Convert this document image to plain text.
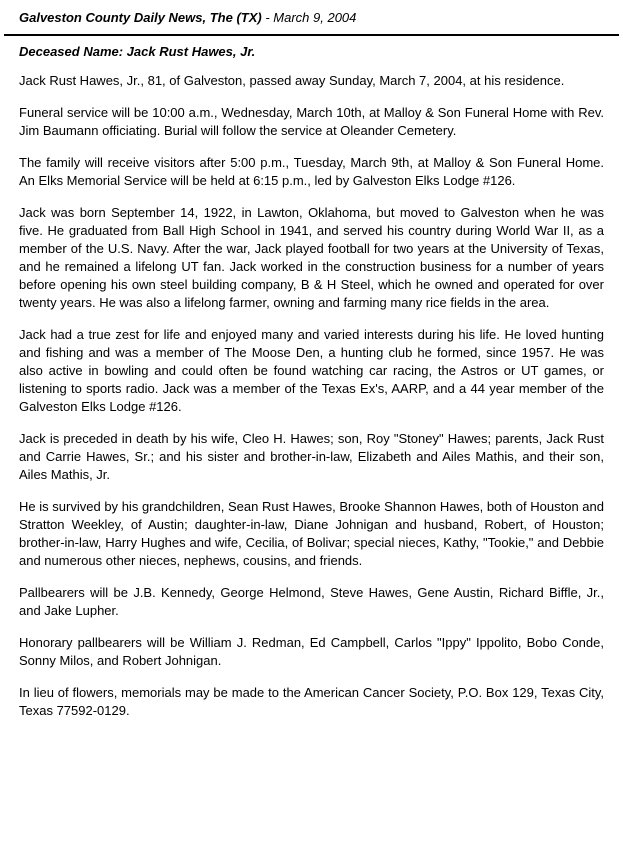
Galveston County Daily News, The (TX) - March 9, 2004
Deceased Name: Jack Rust Hawes, Jr.

Jack Rust Hawes, Jr., 81, of Galveston, passed away Sunday, March 7, 2004, at his residence.

Funeral service will be 10:00 a.m., Wednesday, March 10th, at Malloy & Son Funeral Home with Rev. Jim Baumann officiating. Burial will follow the service at Oleander Cemetery.

The family will receive visitors after 5:00 p.m., Tuesday, March 9th, at Malloy & Son Funeral Home. An Elks Memorial Service will be held at 6:15 p.m., led by Galveston Elks Lodge #126.

Jack was born September 14, 1922, in Lawton, Oklahoma, but moved to Galveston when he was five. He graduated from Ball High School in 1941, and served his country during World War II, as a member of the U.S. Navy. After the war, Jack played football for two years at the University of Texas, and he remained a lifelong UT fan. Jack worked in the construction business for a number of years before opening his own steel building company, B & H Steel, which he owned and operated for over twenty years. He was also a lifelong farmer, owning and farming many rice fields in the area.

Jack had a true zest for life and enjoyed many and varied interests during his life. He loved hunting and fishing and was a member of The Moose Den, a hunting club he formed, since 1957. He was also active in bowling and could often be found watching car racing, the Astros or UT games, or listening to sports radio. Jack was a member of the Texas Ex's, AARP, and a 44 year member of the Galveston Elks Lodge #126.

Jack is preceded in death by his wife, Cleo H. Hawes; son, Roy "Stoney" Hawes; parents, Jack Rust and Carrie Hawes, Sr.; and his sister and brother-in-law, Elizabeth and Ailes Mathis, and their son, Ailes Mathis, Jr.

He is survived by his grandchildren, Sean Rust Hawes, Brooke Shannon Hawes, both of Houston and Stratton Weekley, of Austin; daughter-in-law, Diane Johnigan and husband, Robert, of Houston; brother-in-law, Harry Hughes and wife, Cecilia, of Bolivar; special nieces, Kathy, "Tookie," and Debbie and numerous other nieces, nephews, cousins, and friends.

Pallbearers will be J.B. Kennedy, George Helmond, Steve Hawes, Gene Austin, Richard Biffle, Jr., and Jake Lupher.

Honorary pallbearers will be William J. Redman, Ed Campbell, Carlos "Ippy" Ippolito, Bobo Conde, Sonny Milos, and Robert Johnigan.

In lieu of flowers, memorials may be made to the American Cancer Society, P.O. Box 129, Texas City, Texas 77592-0129.
